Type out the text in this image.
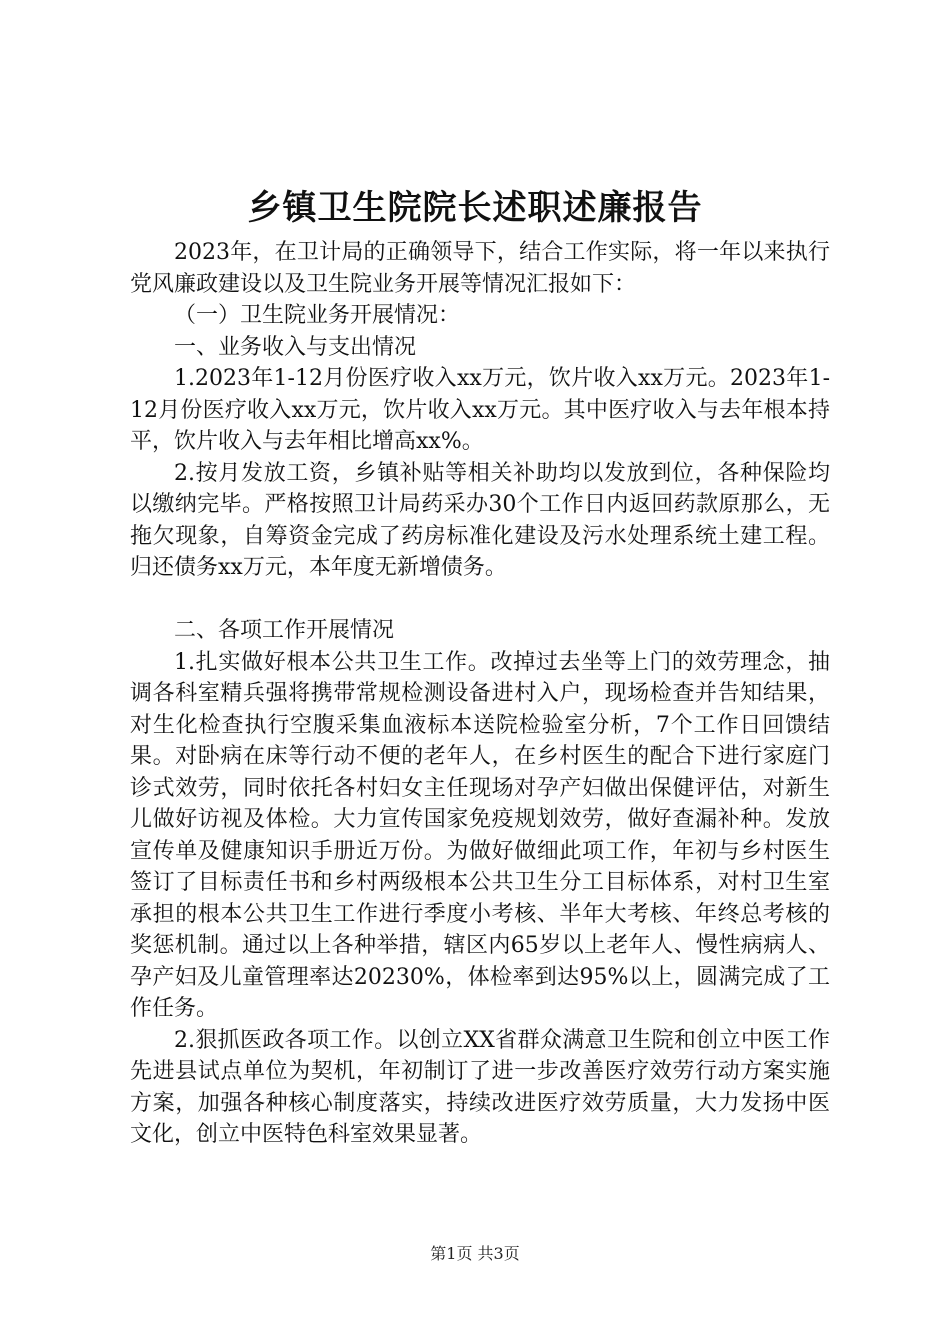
乡镇卫生院院长述职述廉报告

2023年，在卫计局的正确领导下，结合工作实际，将一年以来执行党风廉政建设以及卫生院业务开展等情况汇报如下：

（一）卫生院业务开展情况：

一、业务收入与支出情况

1.2023年1-12月份医疗收入xx万元，饮片收入xx万元。2023年1-12月份医疗收入xx万元，饮片收入xx万元。其中医疗收入与去年根本持平，饮片收入与去年相比增高xx%。

2.按月发放工资，乡镇补贴等相关补助均以发放到位，各种保险均以缴纳完毕。严格按照卫计局药采办30个工作日内返回药款原那么，无拖欠现象，自筹资金完成了药房标准化建设及污水处理系统土建工程。归还债务xx万元，本年度无新增债务。

二、各项工作开展情况

1.扎实做好根本公共卫生工作。改掉过去坐等上门的效劳理念，抽调各科室精兵强将携带常规检测设备进村入户，现场检查并告知结果，对生化检查执行空腹采集血液标本送院检验室分析，7个工作日回馈结果。对卧病在床等行动不便的老年人，在乡村医生的配合下进行家庭门诊式效劳，同时依托各村妇女主任现场对孕产妇做出保健评估，对新生儿做好访视及体检。大力宣传国家免疫规划效劳，做好查漏补种。发放宣传单及健康知识手册近万份。为做好做细此项工作，年初与乡村医生签订了目标责任书和乡村两级根本公共卫生分工目标体系，对村卫生室承担的根本公共卫生工作进行季度小考核、半年大考核、年终总考核的奖惩机制。通过以上各种举措，辖区内65岁以上老年人、慢性病病人、孕产妇及儿童管理率达20230%，体检率到达95%以上，圆满完成了工作任务。

2.狠抓医政各项工作。以创立XX省群众满意卫生院和创立中医工作先进县试点单位为契机，年初制订了进一步改善医疗效劳行动方案实施方案，加强各种核心制度落实，持续改进医疗效劳质量，大力发扬中医文化，创立中医特色科室效果显著。

第1页 共3页
